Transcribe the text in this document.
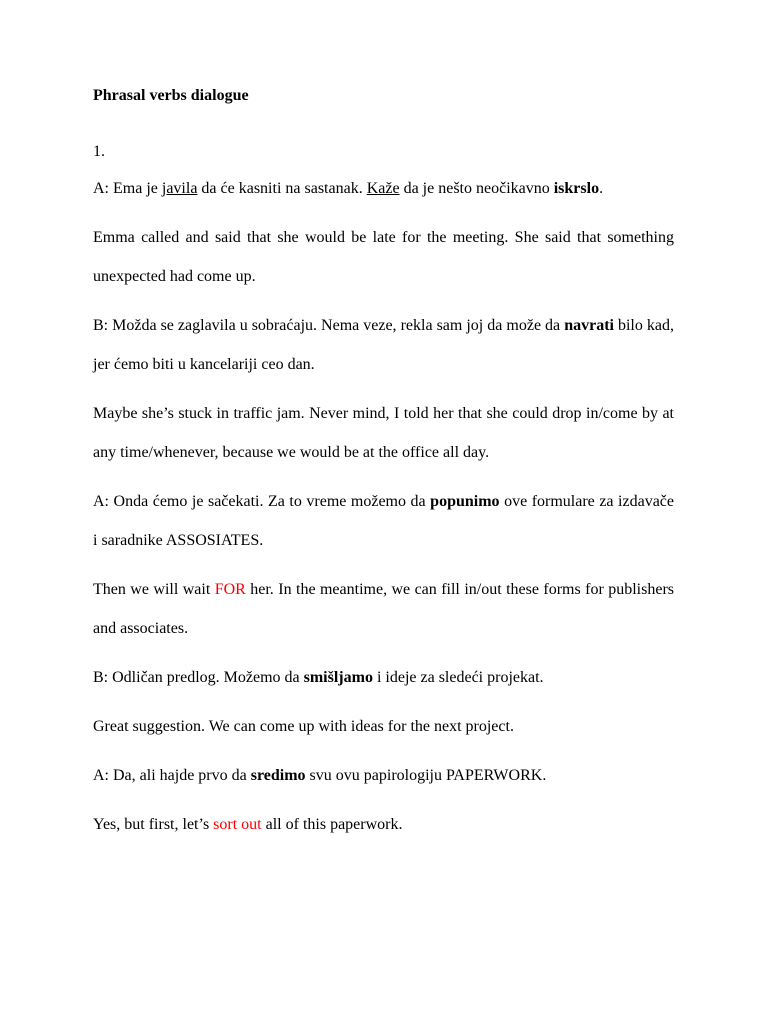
Phrasal verbs dialogue
1.

A: Ema je javila da će kasniti na sastanak. Kaže da je nešto neočikavno iskrslo.

Emma called and said that she would be late for the meeting. She said that something unexpected had come up.

B: Možda se zaglavila u sobraćaju. Nema veze, rekla sam joj da može da navrati bilo kad, jer ćemo biti u kancelariji ceo dan.

Maybe she’s stuck in traffic jam. Never mind, I told her that she could drop in/come by at any time/whenever, because we would be at the office all day.

A: Onda ćemo je sačekati. Za to vreme možemo da popunimo ove formulare za izdavače i saradnike ASSOSIATES.

Then we will wait FOR her. In the meantime, we can fill in/out these forms for publishers and associates.

B: Odličan predlog. Možemo da smišljamo i ideje za sledeći projekat.

Great suggestion. We can come up with ideas for the next project.

A: Da, ali hajde prvo da sredimo svu ovu papirologiju PAPERWORK.

Yes, but first, let’s sort out all of this paperwork.
